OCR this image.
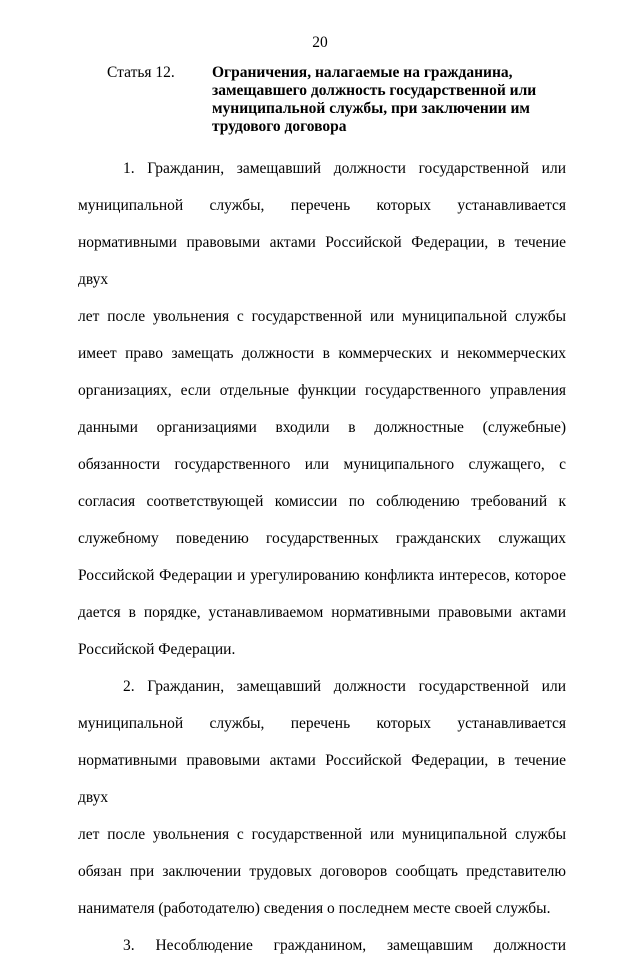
20
Статья 12. Ограничения, налагаемые на гражданина,
замещавшего должность государственной или
муниципальной службы, при заключении им
трудового договора
1. Гражданин, замещавший должности государственной или
муниципальной службы, перечень которых устанавливается
нормативными правовыми актами Российской Федерации, в течение двух
лет после увольнения с государственной или муниципальной службы
имеет право замещать должности в коммерческих и некоммерческих
организациях, если отдельные функции государственного управления
данными организациями входили в должностные (служебные)
обязанности государственного или муниципального служащего, с
согласия соответствующей комиссии по соблюдению требований к
служебному поведению государственных гражданских служащих
Российской Федерации и урегулированию конфликта интересов, которое
дается в порядке, устанавливаемом нормативными правовыми актами
Российской Федерации.
2. Гражданин, замещавший должности государственной или
муниципальной службы, перечень которых устанавливается
нормативными правовыми актами Российской Федерации, в течение двух
лет после увольнения с государственной или муниципальной службы
обязан при заключении трудовых договоров сообщать представителю
нанимателя (работодателю) сведения о последнем месте своей службы.
3. Несоблюдение гражданином, замещавшим должности
